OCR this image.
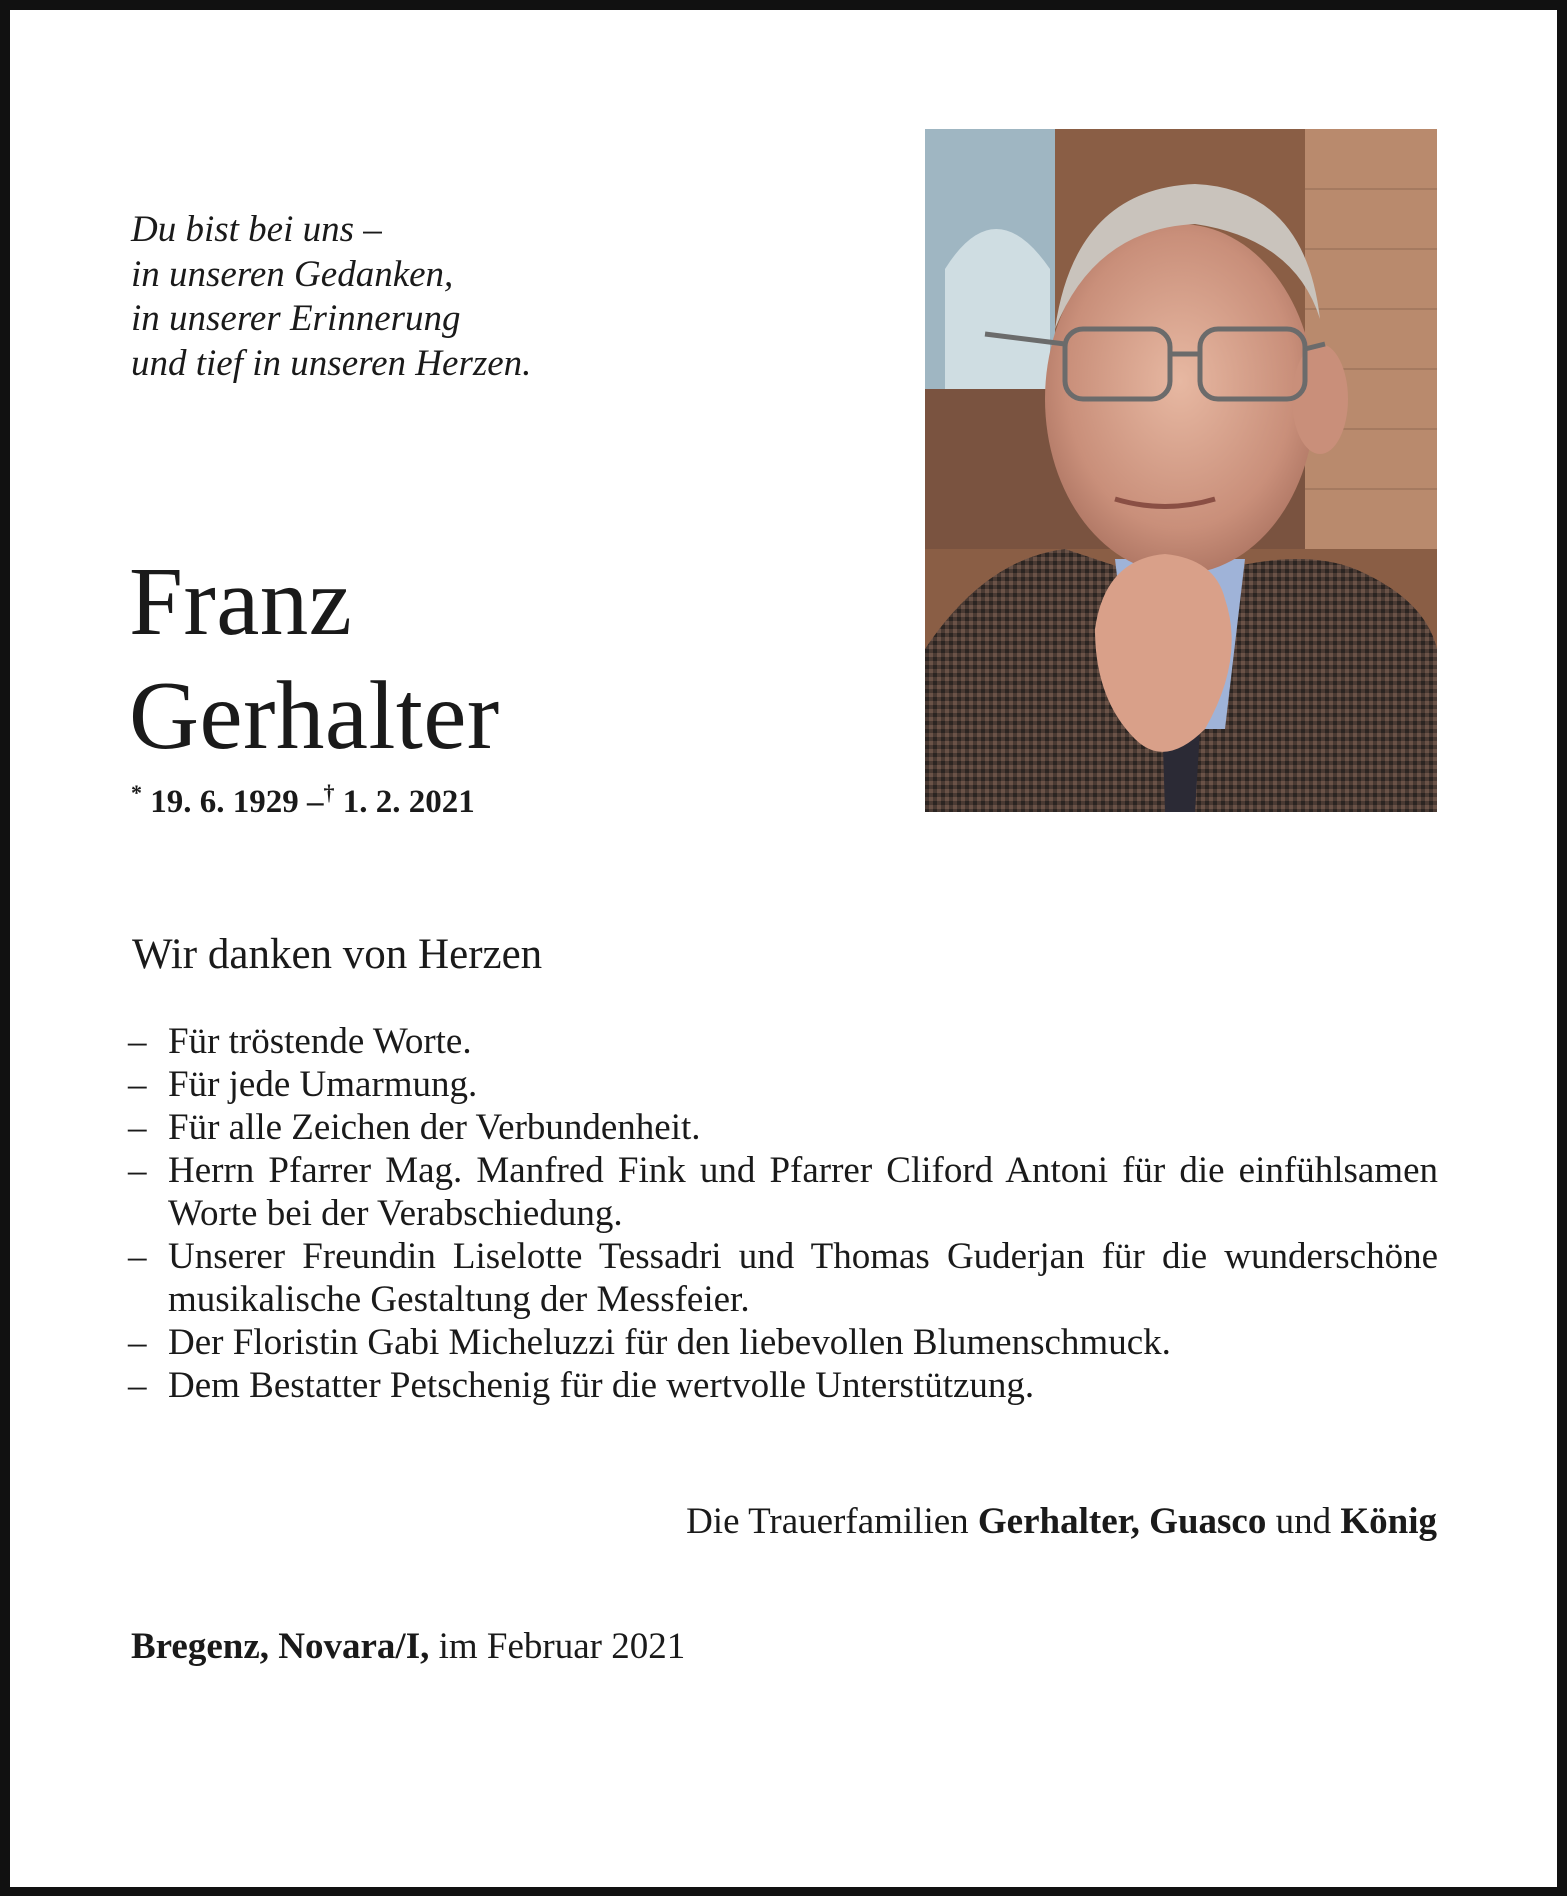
Du bist bei uns –
in unseren Gedanken,
in unserer Erinnerung
und tief in unseren Herzen.
Franz
Gerhalter
* 19. 6. 1929 –† 1. 2. 2021
Wir danken von Herzen
– Für tröstende Worte.
– Für jede Umarmung.
– Für alle Zeichen der Verbundenheit.
– Herrn Pfarrer Mag. Manfred Fink und Pfarrer Cliford Antoni für die einfühlsamen Worte bei der Verabschiedung.
– Unserer Freundin Liselotte Tessadri und Thomas Guderjan für die wunderschöne musikalische Gestaltung der Messfeier.
– Der Floristin Gabi Micheluzzi für den liebevollen Blumenschmuck.
– Dem Bestatter Petschenig für die wertvolle Unterstützung.
Die Trauerfamilien Gerhalter, Guasco und König
Bregenz, Novara/I, im Februar 2021
